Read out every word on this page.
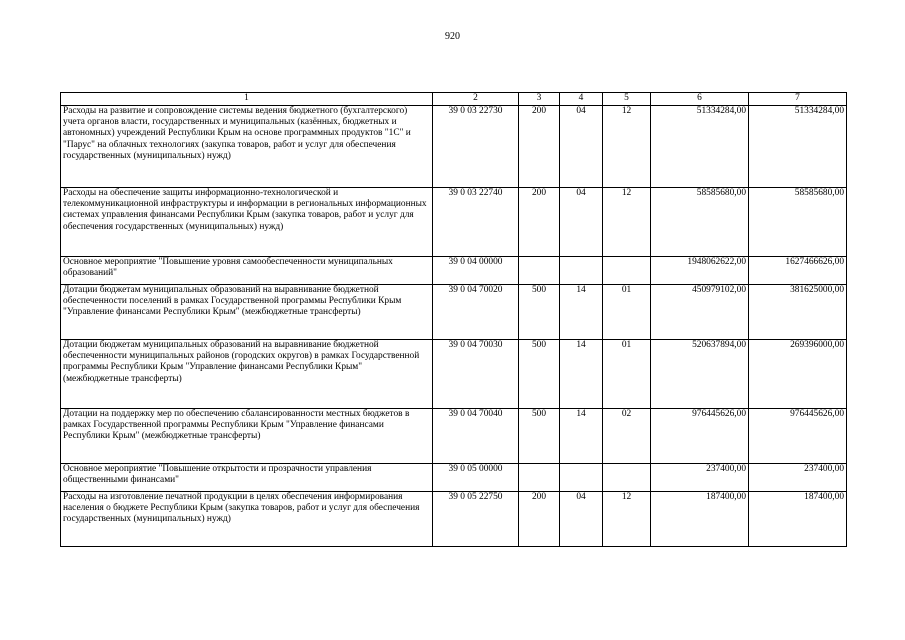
920
1	2	3	4	5	6	7
Расходы на развитие и сопровождение системы ведения бюджетного (бухгалтерского) учета органов власти, государственных и муниципальных (казённых, бюджетных и автономных) учреждений Республики Крым на основе программных продуктов "1С" и "Парус" на облачных технологиях (закупка товаров, работ и услуг для обеспечения государственных (муниципальных) нужд)	39 0 03 22730	200	04	12	51334284,00	51334284,00
Расходы на обеспечение защиты информационно-технологической и телекоммуникационной инфраструктуры и информации в региональных информационных системах управления финансами Республики Крым (закупка товаров, работ и услуг для обеспечения государственных (муниципальных) нужд)	39 0 03 22740	200	04	12	58585680,00	58585680,00
Основное мероприятие "Повышение уровня самообеспеченности муниципальных образований"	39 0 04 00000				1948062622,00	1627466626,00
Дотации бюджетам муниципальных образований на выравнивание бюджетной обеспеченности поселений в рамках Государственной программы Республики Крым "Управление финансами Республики Крым" (межбюджетные трансферты)	39 0 04 70020	500	14	01	450979102,00	381625000,00
Дотации бюджетам муниципальных образований на выравнивание бюджетной обеспеченности муниципальных районов (городских округов) в рамках Государственной программы Республики Крым "Управление финансами Республики Крым" (межбюджетные трансферты)	39 0 04 70030	500	14	01	520637894,00	269396000,00
Дотации на поддержку мер по обеспечению сбалансированности местных бюджетов в рамках Государственной программы Республики Крым "Управление финансами Республики Крым" (межбюджетные трансферты)	39 0 04 70040	500	14	02	976445626,00	976445626,00
Основное мероприятие "Повышение открытости и прозрачности управления общественными финансами"	39 0 05 00000				237400,00	237400,00
Расходы на изготовление печатной продукции в целях обеспечения информирования населения о бюджете Республики Крым (закупка товаров, работ и услуг для обеспечения государственных (муниципальных) нужд)	39 0 05 22750	200	04	12	187400,00	187400,00
